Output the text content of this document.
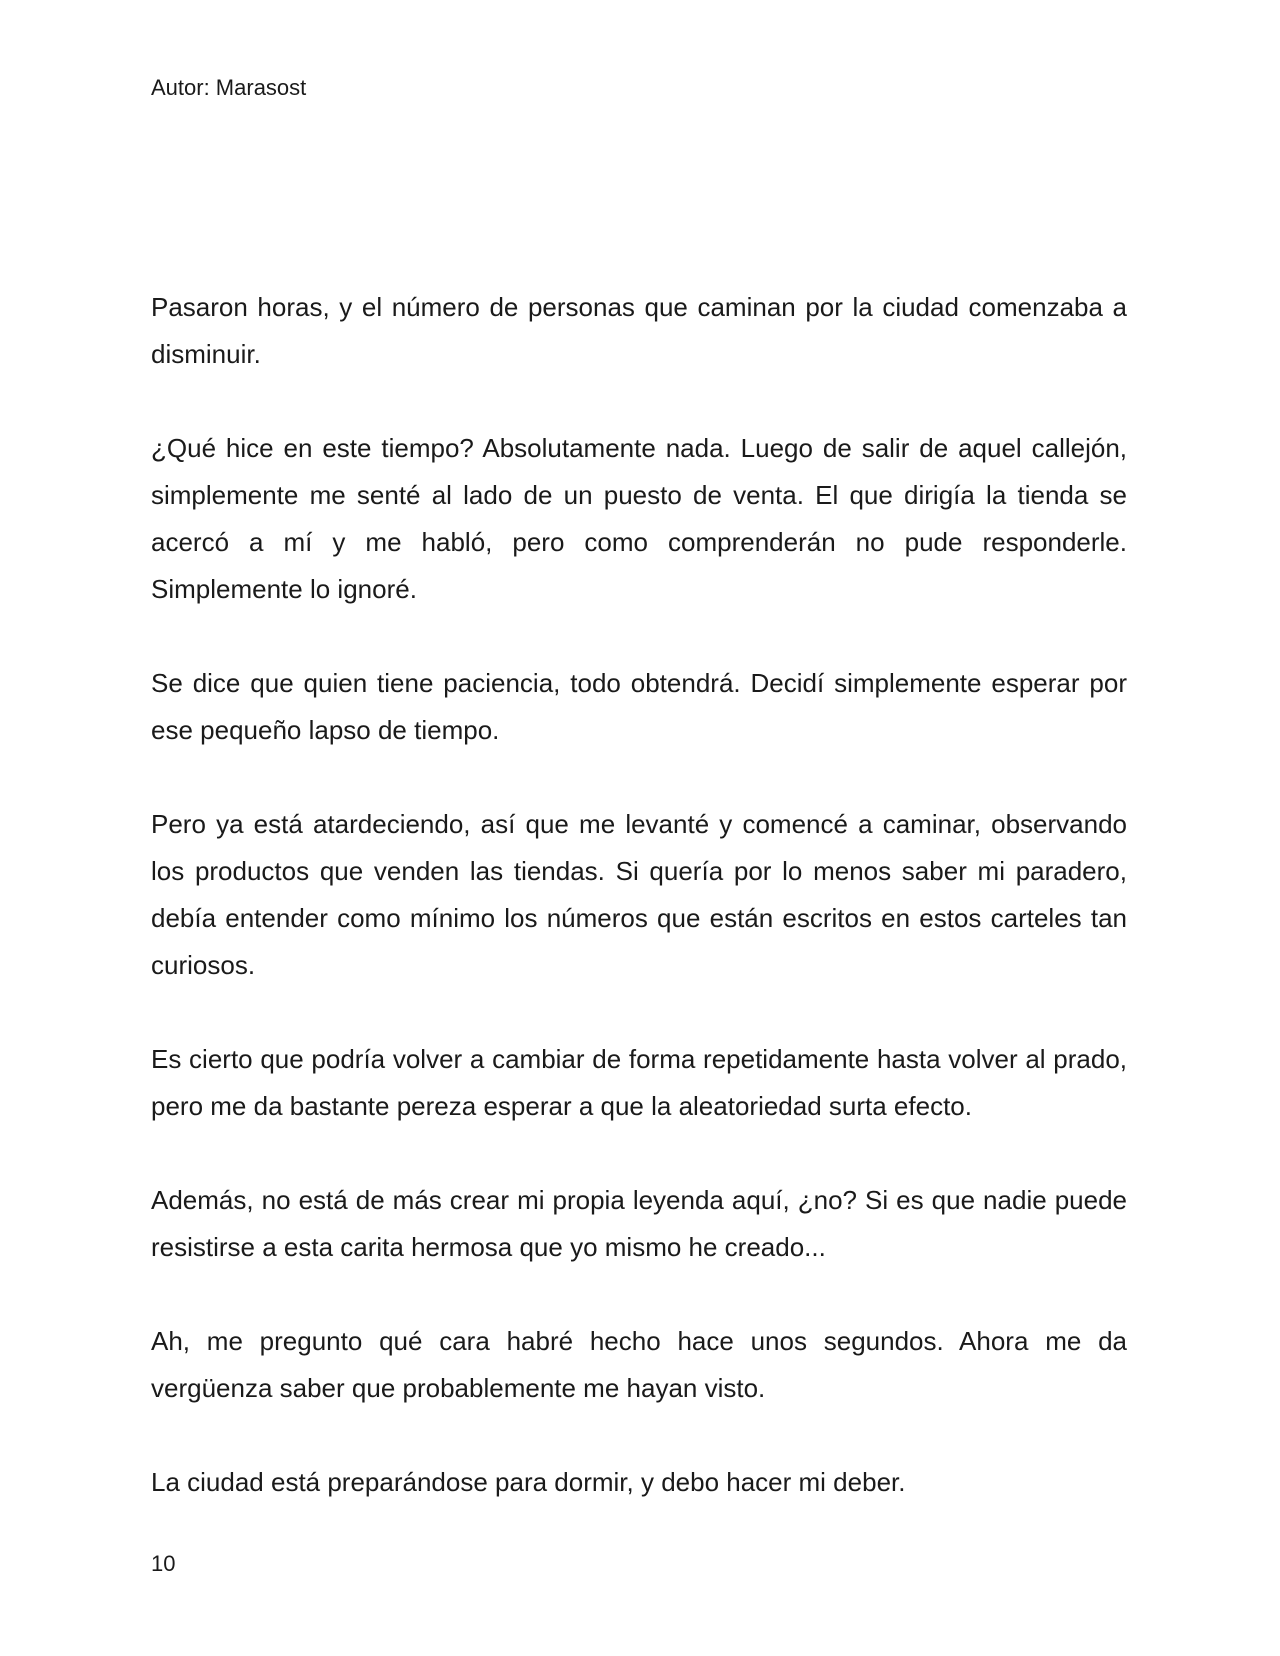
Autor: Marasost

Pasaron horas, y el número de personas que caminan por la ciudad comenzaba a disminuir.

¿Qué hice en este tiempo? Absolutamente nada. Luego de salir de aquel callejón, simplemente me senté al lado de un puesto de venta. El que dirigía la tienda se acercó a mí y me habló, pero como comprenderán no pude responderle. Simplemente lo ignoré.

Se dice que quien tiene paciencia, todo obtendrá. Decidí simplemente esperar por ese pequeño lapso de tiempo.

Pero ya está atardeciendo, así que me levanté y comencé a caminar, observando los productos que venden las tiendas. Si quería por lo menos saber mi paradero, debía entender como mínimo los números que están escritos en estos carteles tan curiosos.

Es cierto que podría volver a cambiar de forma repetidamente hasta volver al prado, pero me da bastante pereza esperar a que la aleatoriedad surta efecto.

Además, no está de más crear mi propia leyenda aquí, ¿no? Si es que nadie puede resistirse a esta carita hermosa que yo mismo he creado...

Ah, me pregunto qué cara habré hecho hace unos segundos. Ahora me da vergüenza saber que probablemente me hayan visto.

La ciudad está preparándose para dormir, y debo hacer mi deber.

10
